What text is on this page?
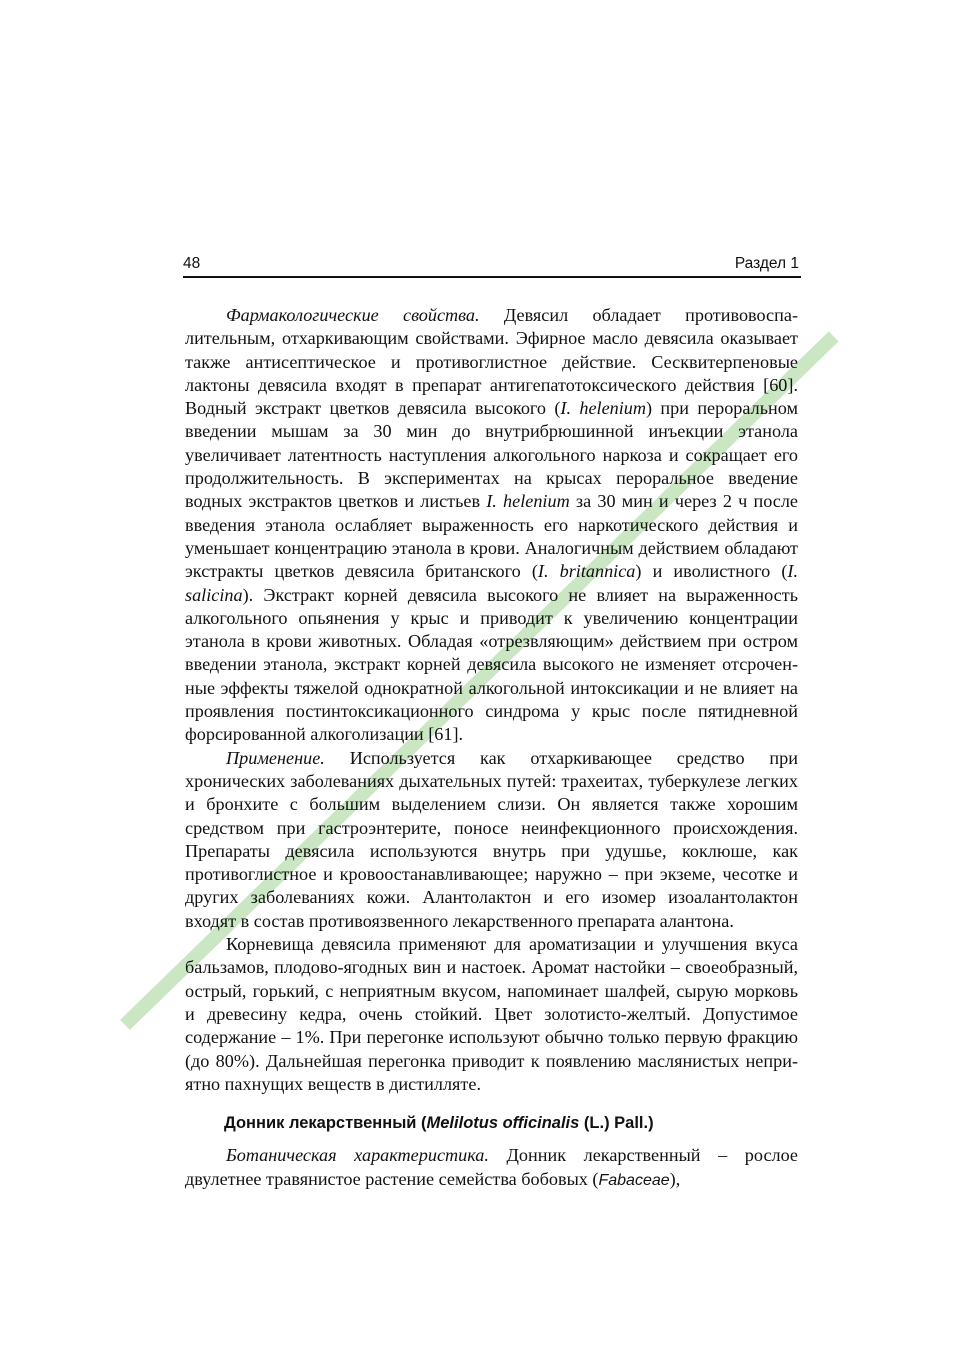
48	Раздел 1

Фармакологические свойства. Девясил обладает противовоспалительным, отхаркивающим свойствами. Эфирное масло девясила оказывает также антисептическое и противоглистное действие. Сесквитерпеновые лактоны девясила входят в препарат антигепатотоксического действия [60]. Водный экстракт цветков девясила высокого (I. helenium) при пероральном введении мышам за 30 мин до внутрибрюшинной инъекции этанола увеличивает латентность наступления алкогольного наркоза и сокращает его продолжительность. В экспериментах на крысах пероральное введение водных экстрактов цветков и листьев I. helenium за 30 мин и через 2 ч после введения этанола ослабляет выраженность его наркотического действия и уменьшает концентрацию этанола в крови. Аналогичным действием обладают экстракты цветков девясила британского (I. britannica) и иволистного (I. salicina). Экстракт корней девясила высокого не влияет на выраженность алкогольного опьянения у крыс и приводит к увеличению концентрации этанола в крови животных. Обладая «отрезвляющим» действием при остром введении этанола, экстракт корней девясила высокого не изменяет отсроченные эффекты тяжелой однократной алкогольной интоксикации и не влияет на проявления постинтоксикационного синдрома у крыс после пятидневной форсированной алкоголизации [61].

Применение. Используется как отхаркивающее средство при хронических заболеваниях дыхательных путей: трахеитах, туберкулезе легких и бронхите с большим выделением слизи. Он является также хорошим средством при гастроэнтерите, поносе неинфекционного происхождения. Препараты девясила используются внутрь при удушье, коклюше, как противоглистное и кровоостанавливающее; наружно – при экземе, чесотке и других заболеваниях кожи. Алантолактон и его изомер изоалантолактон входят в состав противоязвенного лекарственного препарата алантона.

Корневища девясила применяют для ароматизации и улучшения вкуса бальзамов, плодово-ягодных вин и настоек. Аромат настойки – своеобразный, острый, горький, с неприятным вкусом, напоминает шалфей, сырую морковь и древесину кедра, очень стойкий. Цвет золотисто-желтый. Допустимое содержание – 1%. При перегонке используют обычно только первую фракцию (до 80%). Дальнейшая перегонка приводит к появлению маслянистых неприятно пахнущих веществ в дистилляте.

Донник лекарственный (Melilotus officinalis (L.) Pall.)

Ботаническая характеристика. Донник лекарственный – рослое двулетнее травянистое растение семейства бобовых (Fabaceae),
